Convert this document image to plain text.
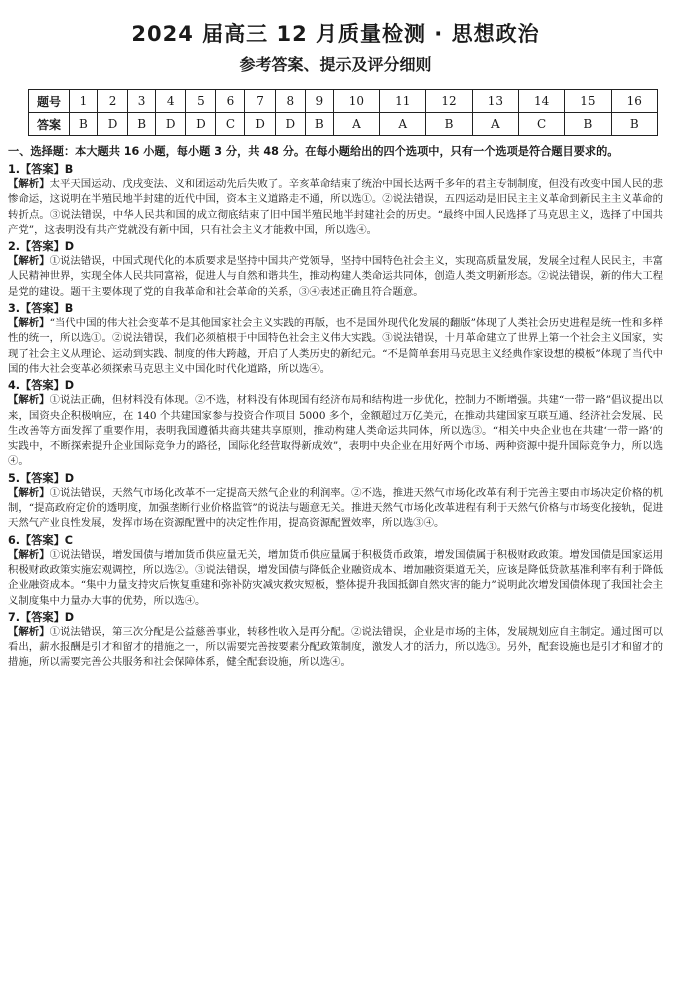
2024 届高三 12 月质量检测 · 思想政治
参考答案、提示及评分细则
题号	1	2	3	4	5	6	7	8	9	10	11	12	13	14	15	16
答案	B	D	B	D	D	C	D	D	B	A	A	B	A	C	B	B
一、选择题：本大题共 16 小题，每小题 3 分，共 48 分。在每小题给出的四个选项中，只有一个选项是符合题目要求的。
1.【答案】B
【解析】太平天国运动、戊戌变法、义和团运动先后失败了。辛亥革命结束了统治中国长达两千多年的君主专制制度，但没有改变中国人民的悲惨命运，这说明在半殖民地半封建的近代中国，资本主义道路走不通，所以选①。②说法错误，五四运动是旧民主主义革命到新民主主义革命的转折点。③说法错误，中华人民共和国的成立彻底结束了旧中国半殖民地半封建社会的历史。“最终中国人民选择了马克思主义，选择了中国共产党”，这表明没有共产党就没有新中国，只有社会主义才能救中国，所以选④。
2.【答案】D
【解析】①说法错误，中国式现代化的本质要求是坚持中国共产党领导，坚持中国特色社会主义，实现高质量发展，发展全过程人民民主，丰富人民精神世界，实现全体人民共同富裕，促进人与自然和谐共生，推动构建人类命运共同体，创造人类文明新形态。②说法错误，新的伟大工程是党的建设。题干主要体现了党的自我革命和社会革命的关系，③④表述正确且符合题意。
3.【答案】B
【解析】“当代中国的伟大社会变革不是其他国家社会主义实践的再版，也不是国外现代化发展的翻版”体现了人类社会历史进程是统一性和多样性的统一，所以选①。②说法错误，我们必须植根于中国特色社会主义伟大实践。③说法错误，十月革命建立了世界上第一个社会主义国家，实现了社会主义从理论、运动到实践、制度的伟大跨越，开启了人类历史的新纪元。“不是简单套用马克思主义经典作家设想的模板”体现了当代中国的伟大社会变革必须探索马克思主义中国化时代化道路，所以选④。
4.【答案】D
【解析】①说法正确，但材料没有体现。②不选，材料没有体现国有经济布局和结构进一步优化，控制力不断增强。共建“一带一路”倡议提出以来，国资央企积极响应，在 140 个共建国家参与投资合作项目 5000 多个，金额超过万亿美元，在推动共建国家互联互通、经济社会发展、民生改善等方面发挥了重要作用，表明我国遵循共商共建共享原则，推动构建人类命运共同体，所以选③。“相关中央企业也在共建‘一带一路’的实践中，不断探索提升企业国际竞争力的路径，国际化经营取得新成效”，表明中央企业在用好两个市场、两种资源中提升国际竞争力，所以选④。
5.【答案】D
【解析】①说法错误，天然气市场化改革不一定提高天然气企业的利润率。②不选，推进天然气市场化改革有利于完善主要由市场决定价格的机制，“提高政府定价的透明度，加强垄断行业价格监管”的说法与题意无关。推进天然气市场化改革进程有利于天然气价格与市场变化接轨，促进天然气产业良性发展，发挥市场在资源配置中的决定性作用，提高资源配置效率，所以选③④。
6.【答案】C
【解析】①说法错误，增发国债与增加货币供应量无关，增加货币供应量属于积极货币政策，增发国债属于积极财政政策。增发国债是国家运用积极财政政策实施宏观调控，所以选②。③说法错误，增发国债与降低企业融资成本、增加融资渠道无关，应该是降低贷款基准利率有利于降低企业融资成本。“集中力量支持灾后恢复重建和弥补防灾减灾救灾短板，整体提升我国抵御自然灾害的能力”说明此次增发国债体现了我国社会主义制度集中力量办大事的优势，所以选④。
7.【答案】D
【解析】①说法错误，第三次分配是公益慈善事业，转移性收入是再分配。②说法错误，企业是市场的主体，发展规划应自主制定。通过图可以看出，薪水报酬是引才和留才的措施之一，所以需要完善按要素分配政策制度，激发人才的活力，所以选③。另外，配套设施也是引才和留才的措施，所以需要完善公共服务和社会保障体系，健全配套设施，所以选④。
